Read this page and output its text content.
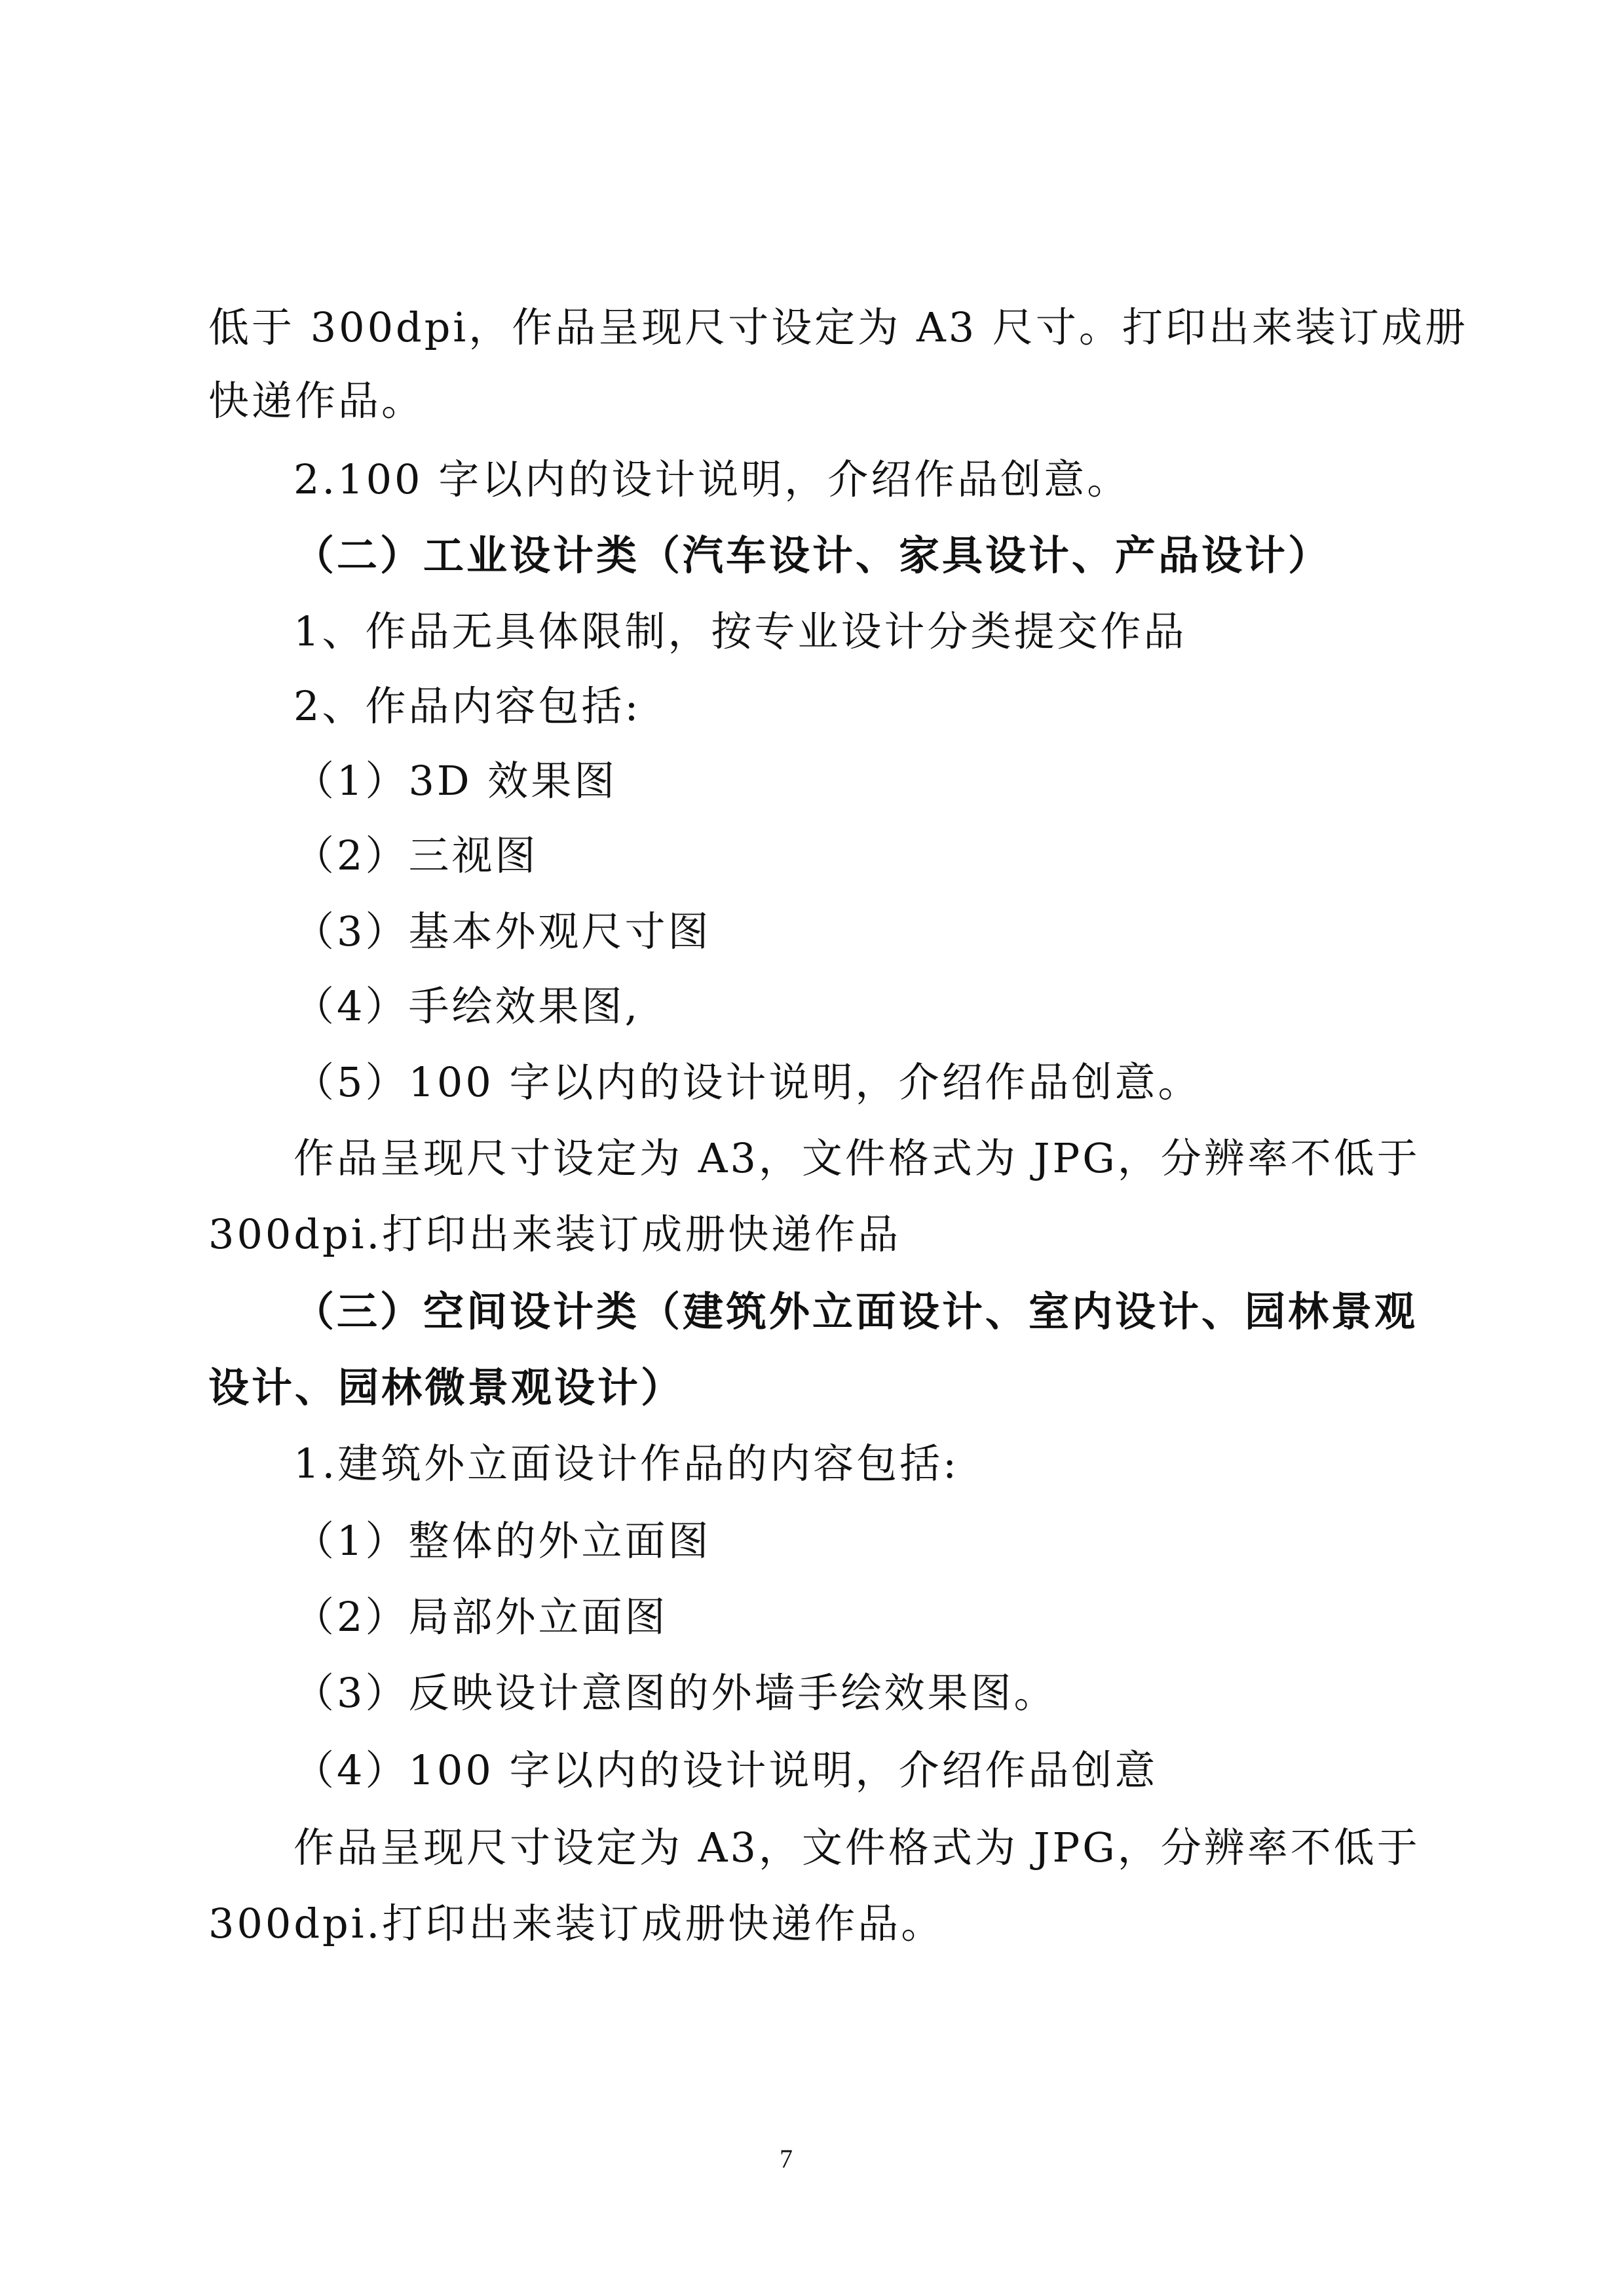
低于 300dpi，作品呈现尺寸设定为 A3 尺寸。打印出来装订成册
快递作品。
2.100 字以内的设计说明，介绍作品创意。
（二）工业设计类（汽车设计、家具设计、产品设计）
1、作品无具体限制，按专业设计分类提交作品
2、作品内容包括:
（1）3D 效果图
（2）三视图
（3）基本外观尺寸图
（4）手绘效果图,
（5）100 字以内的设计说明，介绍作品创意。
作品呈现尺寸设定为 A3，文件格式为 JPG，分辨率不低于
300dpi.打印出来装订成册快递作品
（三）空间设计类（建筑外立面设计、室内设计、园林景观
设计、园林微景观设计）
1.建筑外立面设计作品的内容包括:
（1）整体的外立面图
（2）局部外立面图
（3）反映设计意图的外墙手绘效果图。
（4）100 字以内的设计说明，介绍作品创意
作品呈现尺寸设定为 A3，文件格式为 JPG，分辨率不低于
300dpi.打印出来装订成册快递作品。
7
